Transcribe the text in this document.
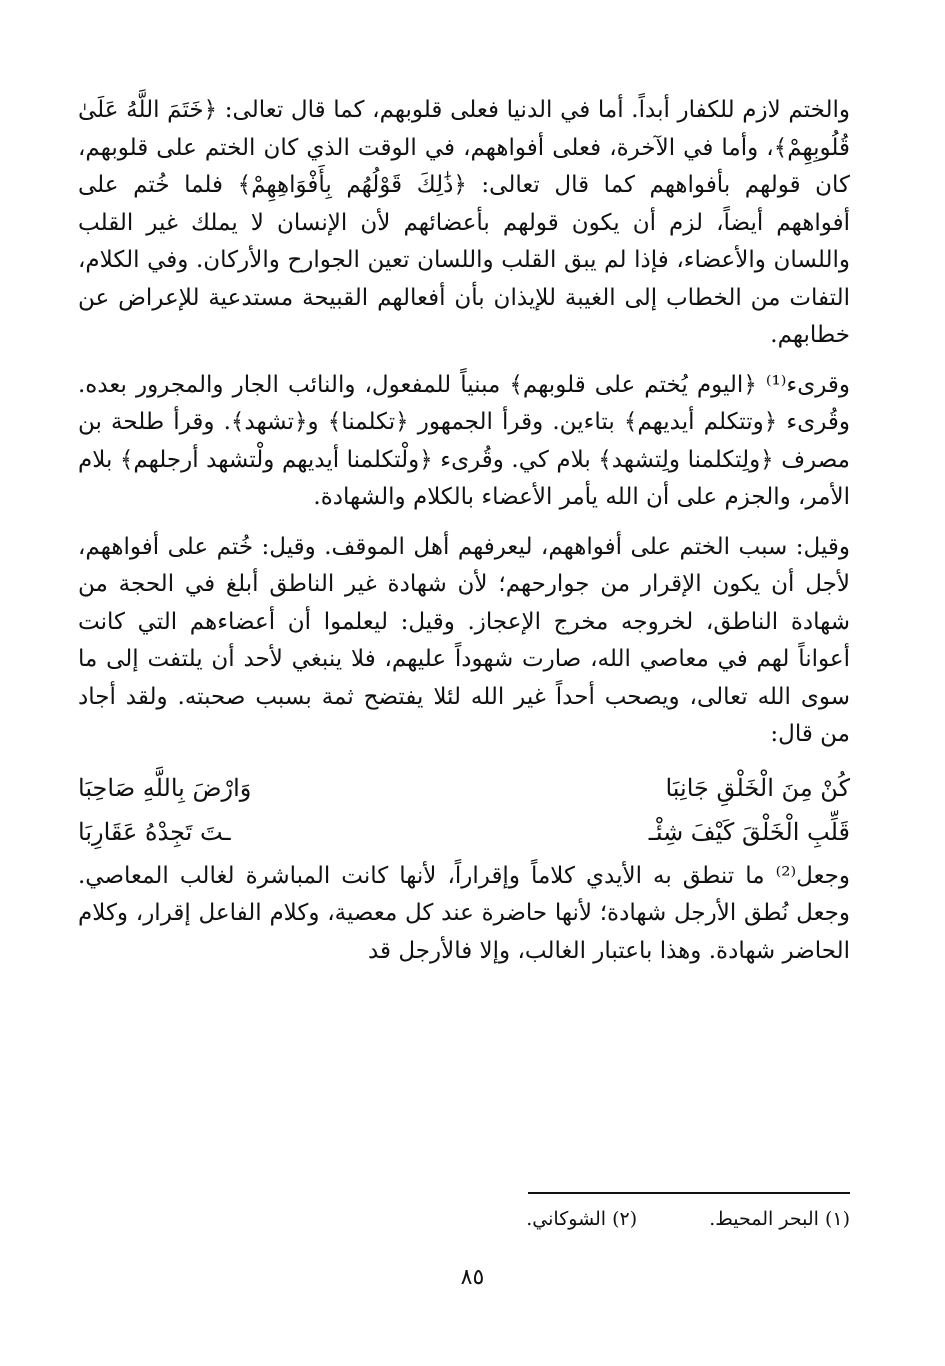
والختم لازم للكفار أبداً. أما في الدنيا فعلى قلوبهم، كما قال تعالى: ﴿خَتَمَ اللَّهُ عَلَىٰ قُلُوبِهِمْ﴾، وأما في الآخرة، فعلى أفواههم، في الوقت الذي كان الختم على قلوبهم، كان قولهم بأفواههم كما قال تعالى: ﴿ذَٰلِكَ قَوْلُهُم بِأَفْوَاهِهِمْ﴾ فلما خُتم على أفواههم أيضاً، لزم أن يكون قولهم بأعضائهم لأن الإنسان لا يملك غير القلب واللسان والأعضاء، فإذا لم يبق القلب واللسان تعين الجوارح والأركان. وفي الكلام، التفات من الخطاب إلى الغيبة للإيذان بأن أفعالهم القبيحة مستدعية للإعراض عن خطابهم.

وقرىء⁽¹⁾ ﴿اليوم يُختم على قلوبهم﴾ مبنياً للمفعول، والنائب الجار والمجرور بعده. وقُرىء ﴿وتتكلم أيديهم﴾ بتاءين. وقرأ الجمهور ﴿تكلمنا﴾ و﴿تشهد﴾. وقرأ طلحة بن مصرف ﴿ولِتكلمنا ولِتشهد﴾ بلام كي. وقُرىء ﴿ولْتكلمنا أيديهم ولْتشهد أرجلهم﴾ بلام الأمر، والجزم على أن الله يأمر الأعضاء بالكلام والشهادة.

وقيل: سبب الختم على أفواههم، ليعرفهم أهل الموقف. وقيل: خُتم على أفواههم، لأجل أن يكون الإقرار من جوارحهم؛ لأن شهادة غير الناطق أبلغ في الحجة من شهادة الناطق، لخروجه مخرج الإعجاز. وقيل: ليعلموا أن أعضاءهم التي كانت أعواناً لهم في معاصي الله، صارت شهوداً عليهم، فلا ينبغي لأحد أن يلتفت إلى ما سوى الله تعالى، ويصحب أحداً غير الله لئلا يفتضح ثمة بسبب صحبته. ولقد أجاد من قال:

كُنْ مِنَ الْخَلْقِ جَانِبَا
وَارْضَ بِاللَّهِ صَاحِبَا
قَلِّبِ الْخَلْقَ كَيْفَ شِئْـ
ـتَ تَجِدْهُ عَقَارِبَا

وجعل⁽²⁾ ما تنطق به الأيدي كلاماً وإقراراً، لأنها كانت المباشرة لغالب المعاصي. وجعل نُطق الأرجل شهادة؛ لأنها حاضرة عند كل معصية، وكلام الفاعل إقرار، وكلام الحاضر شهادة. وهذا باعتبار الغالب، وإلا فالأرجل قد

(١) البحر المحيط.
(٢) الشوكاني.
٨٥
